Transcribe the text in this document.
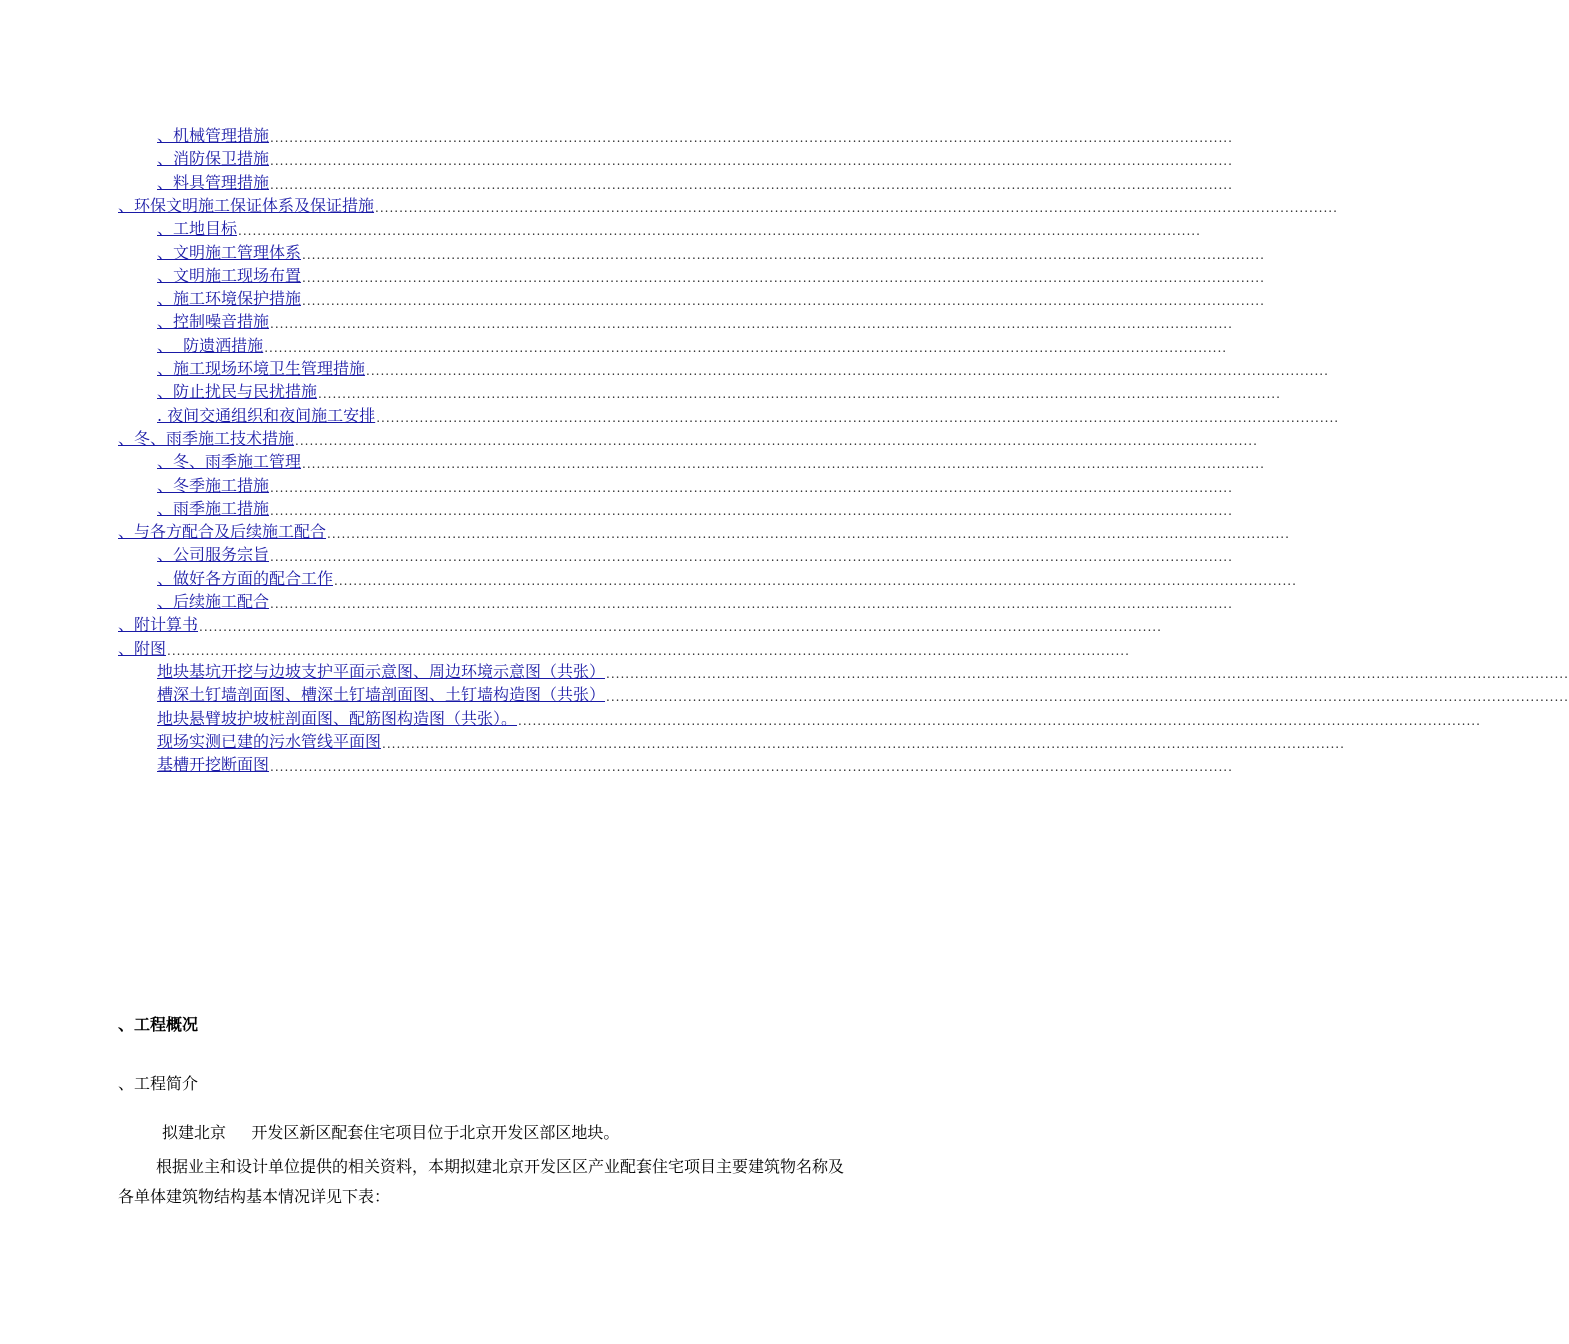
、机械管理措施 ........................................................................................................................................................................................................
、消防保卫措施 ........................................................................................................................................................................................................
、料具管理措施 ........................................................................................................................................................................................................
、环保文明施工保证体系及保证措施 ........................................................................................................................................................................................................
、工地目标 ........................................................................................................................................................................................................
、文明施工管理体系 ........................................................................................................................................................................................................
、文明施工现场布置 ........................................................................................................................................................................................................
、施工环境保护措施 ........................................................................................................................................................................................................
、控制噪音措施 ........................................................................................................................................................................................................
、  防遗洒措施 ........................................................................................................................................................................................................
、施工现场环境卫生管理措施 ........................................................................................................................................................................................................
、防止扰民与民扰措施 ........................................................................................................................................................................................................
. 夜间交通组织和夜间施工安排 ........................................................................................................................................................................................................
、冬、雨季施工技术措施 ........................................................................................................................................................................................................
、冬、雨季施工管理 ........................................................................................................................................................................................................
、冬季施工措施 ........................................................................................................................................................................................................
、雨季施工措施 ........................................................................................................................................................................................................
、与各方配合及后续施工配合 ........................................................................................................................................................................................................
、公司服务宗旨 ........................................................................................................................................................................................................
、做好各方面的配合工作 ........................................................................................................................................................................................................
、后续施工配合 ........................................................................................................................................................................................................
、附计算书 ........................................................................................................................................................................................................
、附图 ........................................................................................................................................................................................................
地块基坑开挖与边坡支护平面示意图、周边环境示意图（共张） ........................................................................................................................................................................................................
槽深土钉墙剖面图、槽深土钉墙剖面图、土钉墙构造图（共张） ........................................................................................................................................................................................................
地块悬臂坡护坡桩剖面图、配筋图构造图（共张）。 ........................................................................................................................................................................................................
现场实测已建的污水管线平面图 ........................................................................................................................................................................................................
基槽开挖断面图 ........................................................................................................................................................................................................
、工程概况
、工程简介
拟建北京     开发区新区配套住宅项目位于北京开发区部区地块。
根据业主和设计单位提供的相关资料，本期拟建北京开发区区产业配套住宅项目主要建筑物名称及各单体建筑物结构基本情况详见下表：
